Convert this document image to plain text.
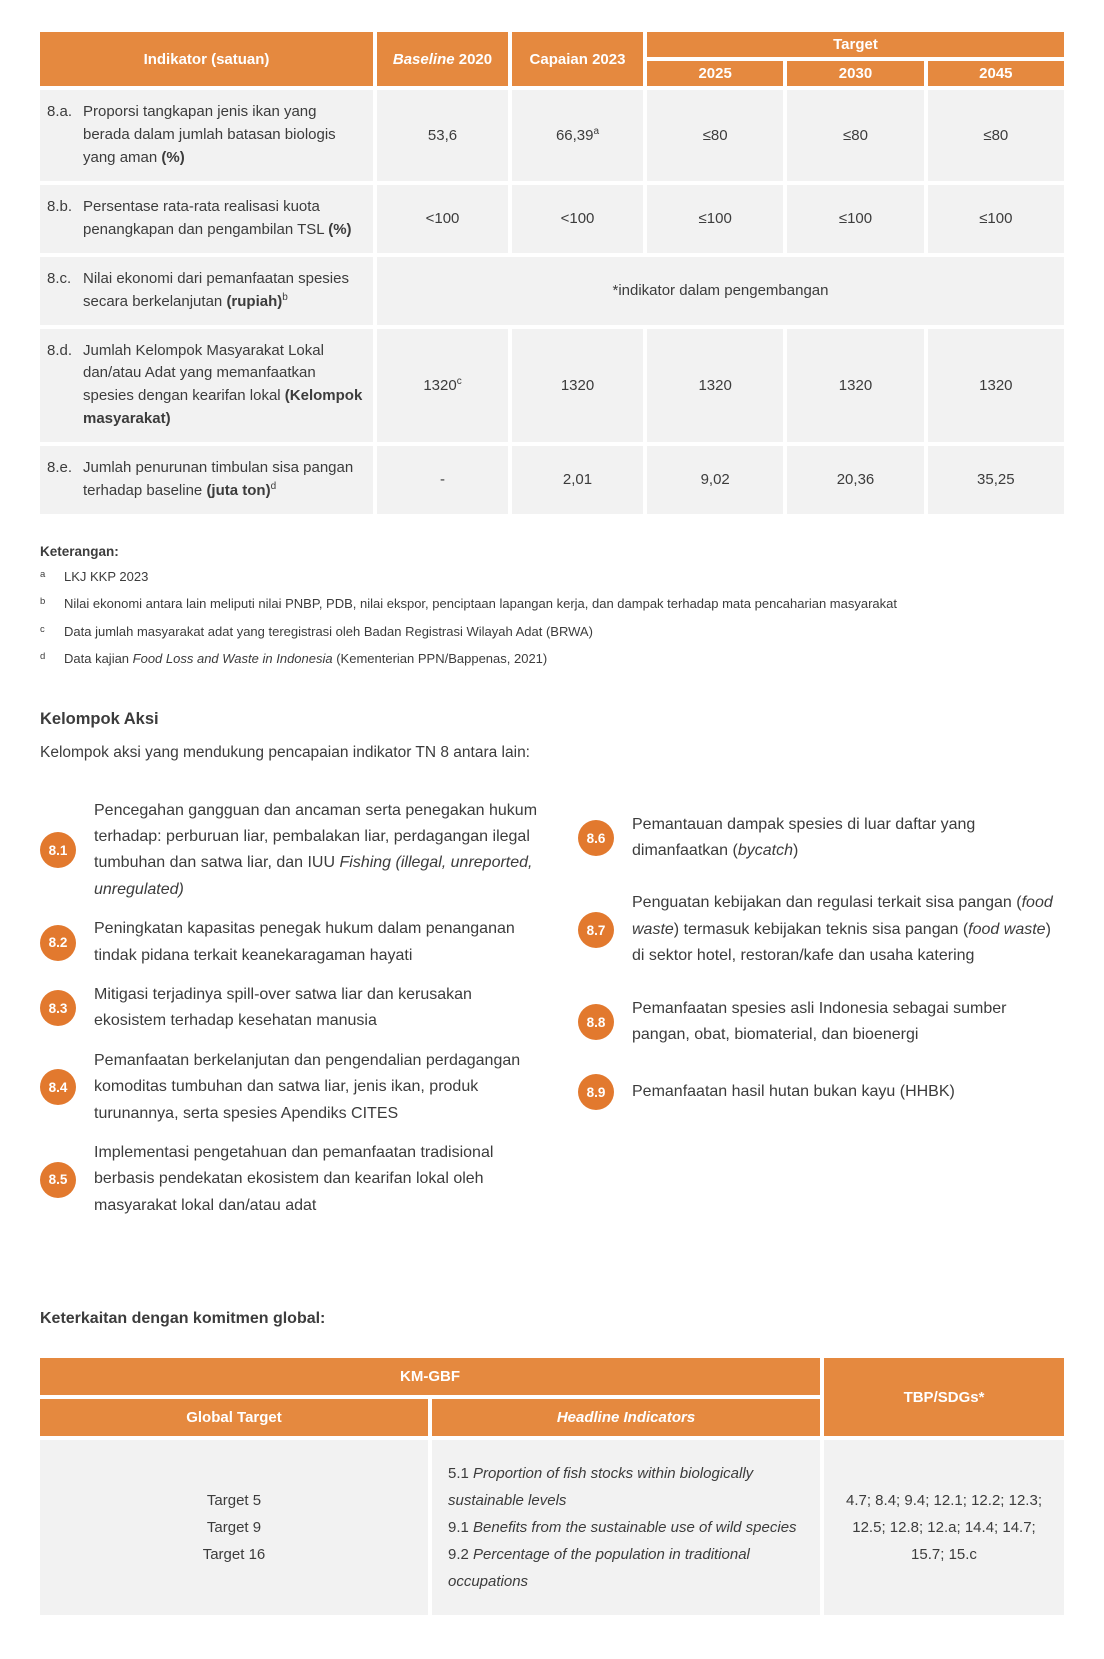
Indikator (satuan)	Baseline 2020	Capaian 2023	Target		
			2025	2030	2045

8.a. Proporsi tangkapan jenis ikan yang berada dalam jumlah batasan biologis yang aman (%)	53,6	66,39$^a$	≤80	≤80	≤80

8.b. Persentase rata-rata realisasi kuota penangkapan dan pengambilan TSL (%)	<100	<100	≤100	≤100	≤100

8.c. Nilai ekonomi dari pemanfaatan spesies secara berkelanjutan (rupiah)$^b$	*indikator dalam pengembangan				

8.d. Jumlah Kelompok Masyarakat Lokal dan/atau Adat yang memanfaatkan spesies dengan kearifan lokal (Kelompok masyarakat)	1320$^c$	1320	1320	1320	1320

8.e. Jumlah penurunan timbulan sisa pangan terhadap baseline (juta ton)$^d$	-	2,01	9,02	20,36	35,25
Keterangan:
a	LKJ KKP 2023
b	Nilai ekonomi antara lain meliputi nilai PNBP, PDB, nilai ekspor, penciptaan lapangan kerja, dan dampak terhadap mata pencaharian masyarakat
c	Data jumlah masyarakat adat yang teregistrasi oleh Badan Registrasi Wilayah Adat (BRWA)
d	Data kajian Food Loss and Waste in Indonesia (Kementerian PPN/Bappenas, 2021)
Kelompok Aksi
Kelompok aksi yang mendukung pencapaian indikator TN 8 antara lain:
8.1
Pencegahan gangguan dan ancaman serta penegakan hukum terhadap: perburuan liar, pembalakan liar, perdagangan ilegal tumbuhan dan satwa liar, dan IUU Fishing (illegal, unreported, unregulated)
8.2
Peningkatan kapasitas penegak hukum dalam penanganan tindak pidana terkait keanekaragaman hayati
8.3
Mitigasi terjadinya spill-over satwa liar dan kerusakan ekosistem terhadap kesehatan manusia
8.4
Pemanfaatan berkelanjutan dan pengendalian perdagangan komoditas tumbuhan dan satwa liar, jenis ikan, produk turunannya, serta spesies Apendiks CITES
8.5
Implementasi pengetahuan dan pemanfaatan tradisional berbasis pendekatan ekosistem dan kearifan lokal oleh masyarakat lokal dan/atau adat
8.6
Pemantauan dampak spesies di luar daftar yang dimanfaatkan (bycatch)
8.7
Penguatan kebijakan dan regulasi terkait sisa pangan (food waste) termasuk kebijakan teknis sisa pangan (food waste) di sektor hotel, restoran/kafe dan usaha katering
8.8
Pemanfaatan spesies asli Indonesia sebagai sumber pangan, obat, biomaterial, dan bioenergi
8.9	Pemanfaatan hasil hutan bukan kayu (HHBK)
Keterkaitan dengan komitmen global:
KM-GBF		TBP/SDGs*
Global Target	Headline Indicators	

Target 5
Target 9
Target 16

5.1 Proportion of fish stocks within biologically sustainable levels
9.1 Benefits from the sustainable use of wild species
9.2 Percentage of the population in traditional occupations

4.7; 8.4; 9.4; 12.1; 12.2; 12.3;
12.5; 12.8; 12.a; 14.4; 14.7;
15.7; 15.c
